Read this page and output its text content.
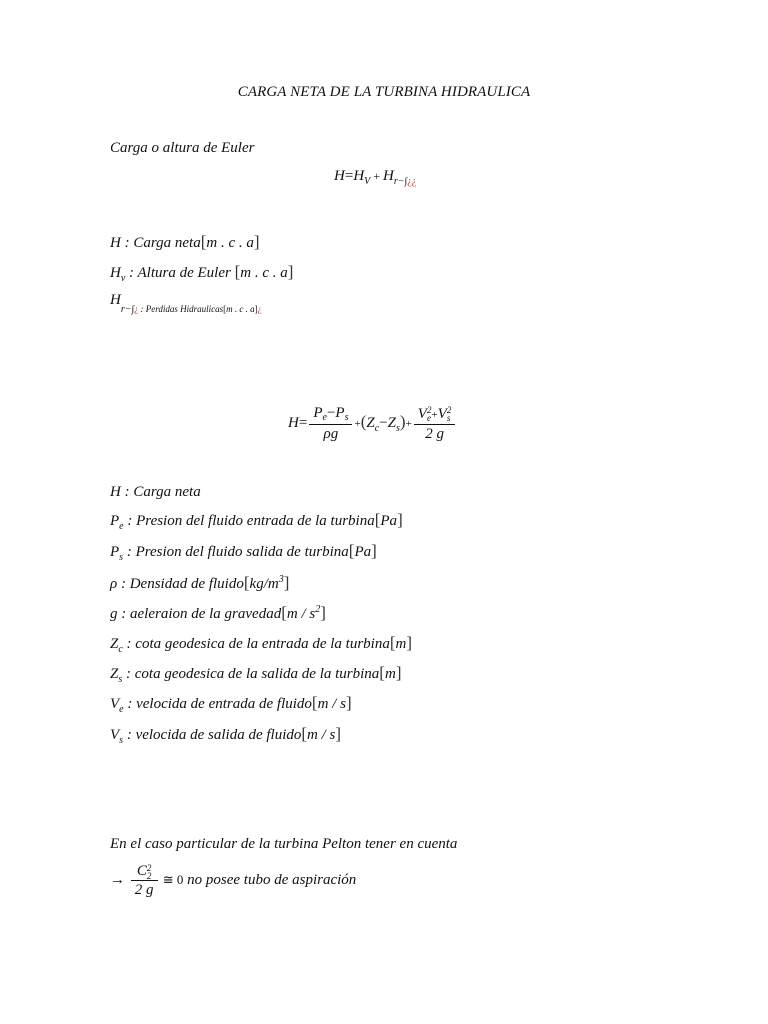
CARGA NETA DE LA TURBINA HIDRAULICA
Carga o altura de Euler
$H=H_V + H_{r-\int¿¿}$
H : Carga neta[m . c . a]
$H_v$ : Altura de Euler [m . c . a]
$H_{r-\int¿ : Perdidas Hidraulicas[m . c . a]¿}$
$H= \frac{P_e-P_s}{\rho g} +(Z_c-Z_s)+ V$ 2
e +V 2
s
2 g
H : Carga neta
$P_e$ : Presion del fluido entrada de la turbina[Pa]
$P_s$ : Presion del fluido salida de turbina[Pa]
ρ : Densidad de $fluido[kg/m^3]$
g : aeleraion de la gravedad[m / $s^2$]
$Z_c$ : cota geodesica de la entrada de la turbina[m]
$Z_s$ : cota geodesica de la salida de la turbina[m]
$V_e$ : velocida de entrada de fluido[m / s]
$V_s$ : velocida de salida de fluido[m / s]
En el caso particular de la turbina Pelton tener en cuenta
→ C 2
2
2 g ≅ 0 no posee tubo de aspiración
